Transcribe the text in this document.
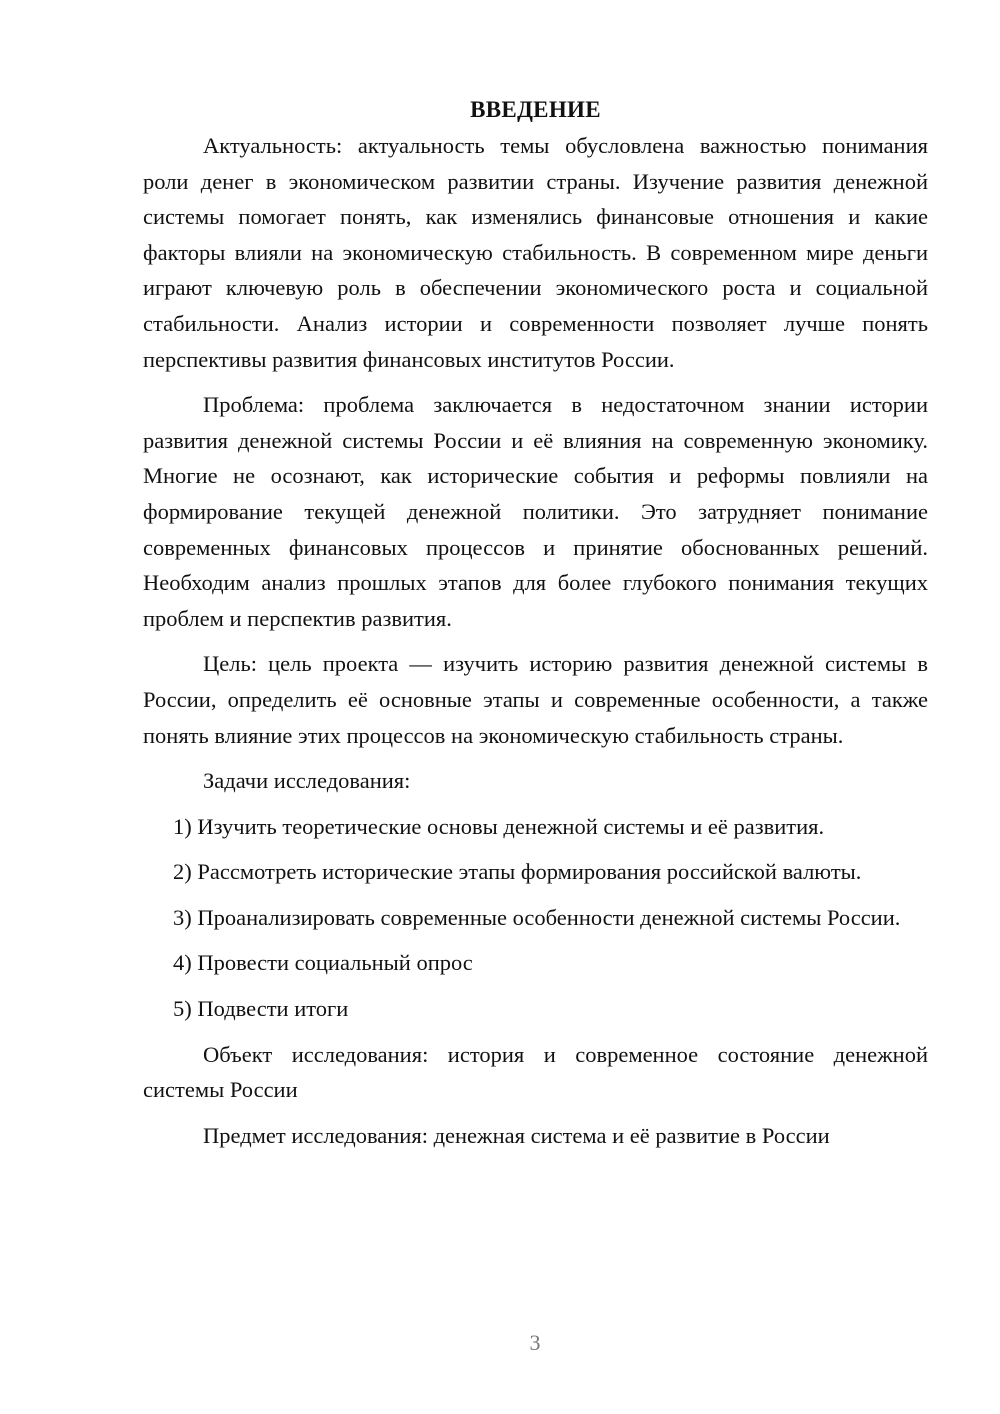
ВВЕДЕНИЕ

Актуальность: актуальность темы обусловлена важностью понимания роли денег в экономическом развитии страны. Изучение развития денежной системы помогает понять, как изменялись финансовые отношения и какие факторы влияли на экономическую стабильность. В современном мире деньги играют ключевую роль в обеспечении экономического роста и социальной стабильности. Анализ истории и современности позволяет лучше понять перспективы развития финансовых институтов России.

Проблема: проблема заключается в недостаточном знании истории развития денежной системы России и её влияния на современную экономику. Многие не осознают, как исторические события и реформы повлияли на формирование текущей денежной политики. Это затрудняет понимание современных финансовых процессов и принятие обоснованных решений. Необходим анализ прошлых этапов для более глубокого понимания текущих проблем и перспектив развития.

Цель: цель проекта — изучить историю развития денежной системы в России, определить её основные этапы и современные особенности, а также понять влияние этих процессов на экономическую стабильность страны.

Задачи исследования:

1) Изучить теоретические основы денежной системы и её развития.

2) Рассмотреть исторические этапы формирования российской валюты.

3) Проанализировать современные особенности денежной системы России.

4) Провести социальный опрос

5) Подвести итоги

Объект исследования: история и современное состояние денежной системы России

Предмет исследования: денежная система и её развитие в России

3
